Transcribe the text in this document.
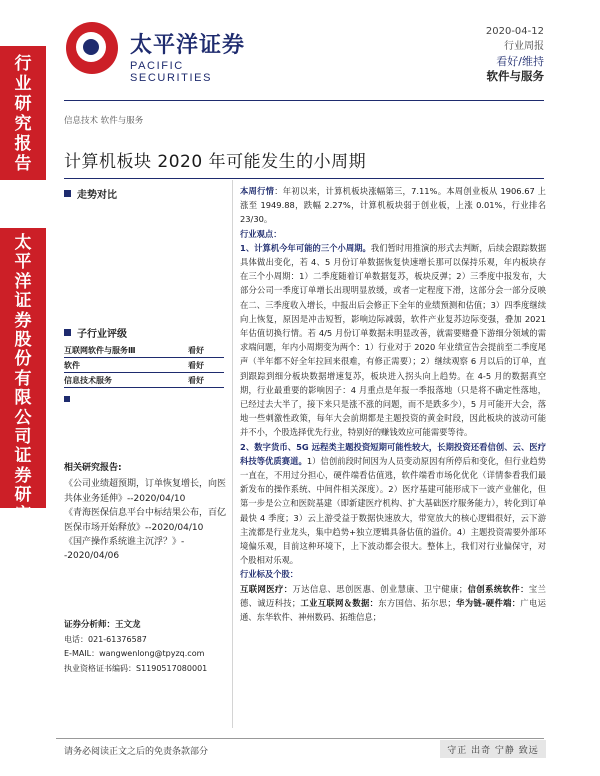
行
业
研
究
报
告
太
平
洋
证
券
股
份
有
限
公
司
证
券
研
究
报
告
太平洋证券
PACIFIC SECURITIES
2020-04-12
行业周报
看好/维持
软件与服务
信息技术 软件与服务
计算机板块 2020 年可能发生的小周期
走势对比
子行业评级
互联网软件与服务Ⅲ	看好
软件	看好
信息技术服务	看好
相关研究报告:
《公司业绩超预期，订单恢复增长，向医共体业务延伸》--2020/04/10
《青海医保信息平台中标结果公布，百亿医保市场开始释放》--2020/04/10
《国产操作系统谁主沉浮？》--2020/04/06
证券分析师：王文龙
电话：021-61376587
E-MAIL：wangwenlong@tpyzq.com
执业资格证书编码：S1190517080001

本周行情：年初以来，计算机板块涨幅第三，7.11%。本周创业板从 1906.67 上涨至 1949.88，跌幅 2.27%，计算机板块弱于创业板，上涨 0.01%，行业排名 23/30。

行业观点：

1、计算机今年可能的三个小周期。我们暂时用推演的形式去判断，后续会跟踪数据具体做出变化，若 4、5 月份订单数据恢复快速增长那可以保持乐观，年内板块存在三个小周期：1）二季度随着订单数据复苏，板块反弹；2）三季度中报发布，大部分公司一季度订单增长出现明显放缓，或者一定程度下滑，这部分会一部分反映在二、三季度收入增长，中报出后会修正下全年的业绩预测和估值；3）四季度继续向上恢复，原因是冲击短暂，影响边际减弱，软件产业复苏边际变强，叠加 2021 年估值切换行情。若 4/5 月份订单数据未明显改善，就需要赌叠下游细分领域的需求端问题，年内小周期变为两个：1）行业对于 2020 年业绩宣告会提前至二季度尾声（半年都不好全年拉回来很难，有修正需要）；2）继续观察 6 月以后的订单，直到跟踪到细分板块数据增速复苏，板块进入拐头向上趋势。在 4-5 月的数据真空期，行业最重要的影响因子：4 月重点是年报一季报落地（只是将不确定性落地，已经过去大半了，接下来只是涨不涨的问题，而不是跌多少），5 月可能开大会，落地一些刺激性政策，每年大会前期都是主题投资的黄金时段，因此板块的波动可能并不小，个股选择优先行业，特别好的赚钱效应可能需要等待。

2、数字货币、5G 远程类主题投资短期可能性较大，长期投资还看信创、云、医疗科技等优质赛道。1）信创前段时间因为人员变动原因有所停后和变化，但行业趋势一直在，不用过分担心，硬件端看估值逃，软件端看市场化优化（详情参看我们最新发布的操作系统、中间件相关深度）。2）医疗基建可能形成下一波产业催化，但第一步是公立和医院基建（即新建医疗机构、扩大基础医疗服务能力），转化到订单最快 4 季度；3）云上游受益于数据快速放大，带宽放大的核心逻辑很好，云下游主流都是行业龙头，集中趋势+独立逻辑具备估值的溢价。4）主题投资需要外部环境偏乐观，目前这种环境下，上下波动都会很大。整体上，我们对行业偏保守，对个股相对乐观。

行业标及个股：

互联网医疗：万达信息、思创医惠、创业慧康、卫宁健康；信创系统软件：宝兰德、诚迈科技；工业互联网＆数据：东方国信、拓尔思；华为链-硬件端：广电运通、东华软件、神州数码、拓维信息；

请务必阅读正文之后的免责条款部分	守正 出奇 宁静 致远
